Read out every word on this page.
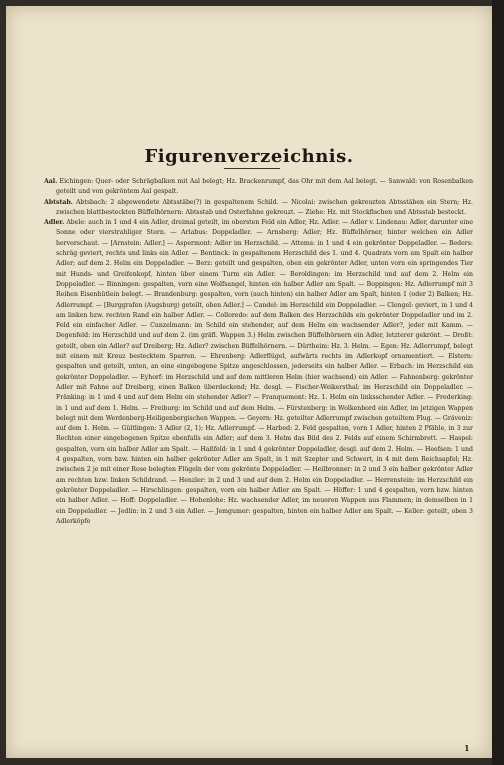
Figurenverzeichnis.

Aal. Eichingen: Quer- oder Schrägbalken mit Aal belegt; Hz. Brackenrumpf, das Ohr mit dem Aal belegt. — Sanwald: von Rosenbalken geteilt und von gekröntem Aal gespalt.

Abtstab. Abtsbach: 2 abgewendete Abtsstäbe(?) in gespaltenem Schild. — Nicolai: zwischen gekreuzten Abtsstäben ein Stern; Hz. zwischen blattbesteckten Büffelhörnern: Abtsstab und Osterfahne gekreuzt. — Ziehe: Hz. mit Stockfischen und Abtsstab besteckt.

Adler. Abele: auch in 1 und 4 ein Adler, dreimal geteilt, im obersten Feld ein Adler, Hz. Adler. — Adler v. Lindenau: Adler, darunter eine Sonne oder vierstrahliger Stern. — Arlabus: Doppeladler. — Arnsberg: Adler; Hz. Büffelhörner, hinter welchen ein Adler hervorschaut. — [Arnstein: Adler.] — Aspermont: Adler im Herzschild. — Attems: in 1 und 4 ein gekrönter Doppeladler. — Beders: schräg geviert, rechts und links ein Adler. — Bentinck: in gespaltenem Herzschild des 1. und 4. Quadrats vorn am Spalt ein halber Adler; auf dem 2. Helm ein Doppeladler. — Berz: geteilt und gespalten, oben ein gekrönter Adler, unten vorn ein springendes Tier mit Hunds- und Greifenkopf, hinten über einem Turm ein Adler. — Beroldingen: im Herzschild und auf dem 2. Helm ein Doppeladler. — Binningen: gespalten, vorn eine Wolfsangel, hinten ein halber Adler am Spalt. — Boppingen: Hz. Adlerrumpf mit 3 Reihen Eisenhütlein belegt. — Brandenburg: gespalten, vorn (auch hinten) ein halber Adler am Spalt, hinten 1 (oder 2) Balken; Hz. Adlerrumpf. — [Burggrafen (Augsburg) geteilt, oben Adler.] — Candel: im Herzschild ein Doppeladler. — Clengel: geviert, in 1 und 4 am linken bzw. rechten Rand ein halber Adler. — Colloredo: auf dem Balken des Herzschilds ein gekrönter Doppeladler und im 2. Feld ein einfacher Adler. — Cunzelmann: im Schild ein stehender, auf dem Helm ein wachsender Adler?, jeder mit Kamm. — Degenfeld: im Herzschild und auf dem 2. (im gräfl. Wappen 3.) Helm zwischen Büffelhörnern ein Adler, letzterer gekrönt. — Droßt: geteilt, oben ein Adler? auf Dreiberg; Hz. Adler? zwischen Büffelhörnern. — Dürtheim: Hz. 3. Helm. — Egen: Hz. Adlerrumpf, belegt mit einem mit Kreuz bestecktem Sparren. — Ehrenberg: Adlerflügel, aufwärts rechts im Adlerkopf ornamentiert. — Elstern: gespalten und geteilt, unten, an eine eingebogene Spitze angeschlossen, jederseits ein halber Adler. — Erbach: im Herzschild ein gekrönter Doppeladler. — Eyhorf: im Herzschild und auf dem mittleren Helm (hier wachsend) ein Adler. — Fahnenberg: gekrönter Adler mit Fahne auf Dreiberg, einen Balken überdeckend; Hz. desgl. — Fischer-Weikersthal: im Herzschild ein Doppeladler. — Fränking: in 1 und 4 und auf dem Helm ein stehender Adler? — Franquemont: Hz. 1. Helm ein linksschender Adler. — Frederking: in 1 und auf dem 1. Helm. — Freiburg: im Schild und auf dem Helm. — Fürstenberg: in Wolkenbord ein Adler, im jetzigen Wappen belegt mit dem Werdenberg-Heiligenbergischen Wappen. — Geyern: Hz. geteilter Adlerrumpf zwischen geteiltem Flug. — Gräveniz: auf dem 1. Helm. — Gültlingen: 3 Adler (2, 1); Hz. Adlerrumpf. — Harbed: 2. Feld gespalten, vorn 1 Adler, hinten 2 Pfähle, in 3 zur Rechten einer eingebogenen Spitze ebenfalls ein Adler; auf dem 3. Helm das Bild des 2. Felds auf einem Schirmbrett. — Haspel: gespalten, vorn ein halber Adler am Spalt. — Haßfeld: in 1 und 4 gekrönter Doppeladler, desgl. auf dem 2. Helm. — Heefsen: 1 und 4 gespalten, vorn bzw. hinten ein halber gekrönter Adler am Spalt, in 1 mit Szepter und Schwert, in 4 mit dem Reichsapfel; Hz. zwischen 2 je mit einer Rose belegten Flügeln der vom gekrönte Doppeladler. — Heilbronner: in 2 und 3 ein halber gekrönter Adler am rechten bzw. linken Schildrand. — Henzler: in 2 und 3 und auf dem 2. Helm ein Doppeladler. — Herrenstein: im Herzschild ein gekrönter Doppeladler. — Hirschlingen: gespalten, vorn ein halber Adler am Spalt. — Höffer: 1 und 4 gespalten, vorn bzw. hinten ein halber Adler. — Hoff: Doppeladler. — Hohenlohe: Hz. wachsender Adler, im neueren Wappen aus Flammen; in demselben in 1 ein Doppeladler. — Jedlin: in 2 und 3 ein Adler. — Jemgumer: gespalten, hinten ein halber Adler am Spalt. — Keller: geteilt, oben 3 Adlerköpfe

1
